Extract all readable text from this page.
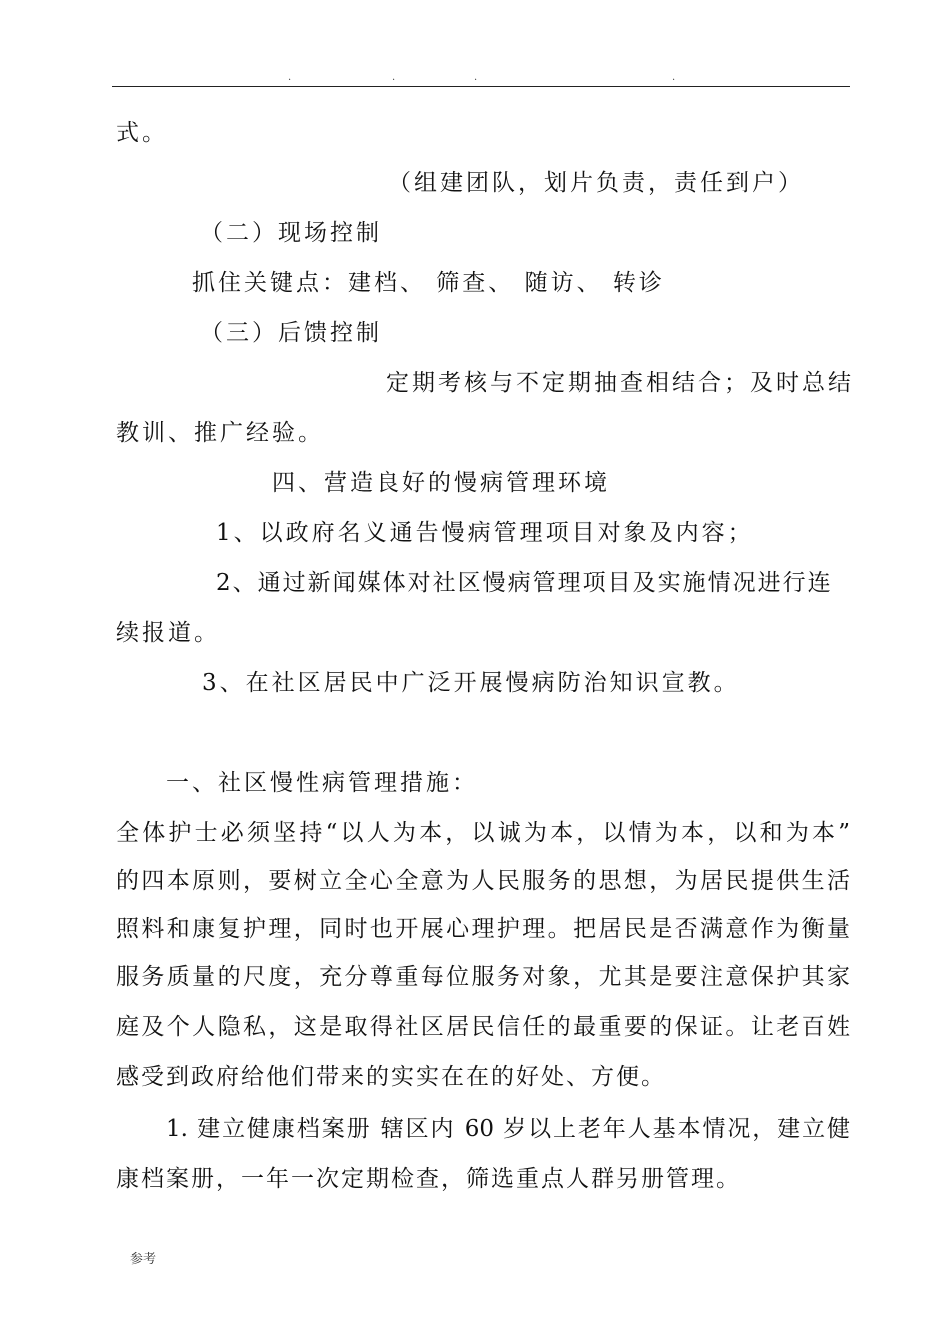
.	.	.	.
式。
（组建团队，划片负责，责任到户）
（二）现场控制
抓住关键点：建档、 筛查、 随访、 转诊
（三）后馈控制
定期考核与不定期抽查相结合；及时总结
教训、推广经验。
四、营造良好的慢病管理环境
1、以政府名义通告慢病管理项目对象及内容；
2、通过新闻媒体对社区慢病管理项目及实施情况进行连
续报道。
3、在社区居民中广泛开展慢病防治知识宣教。
一、社区慢性病管理措施：
全体护士必须坚持“以人为本，以诚为本，以情为本，以和为本”
的四本原则，要树立全心全意为人民服务的思想，为居民提供生活
照料和康复护理，同时也开展心理护理。把居民是否满意作为衡量
服务质量的尺度，充分尊重每位服务对象，尤其是要注意保护其家
庭及个人隐私，这是取得社区居民信任的最重要的保证。让老百姓
感受到政府给他们带来的实实在在的好处、方便。
1. 建立健康档案册 辖区内 60 岁以上老年人基本情况，建立健
康档案册，一年一次定期检查，筛选重点人群另册管理。
参考
